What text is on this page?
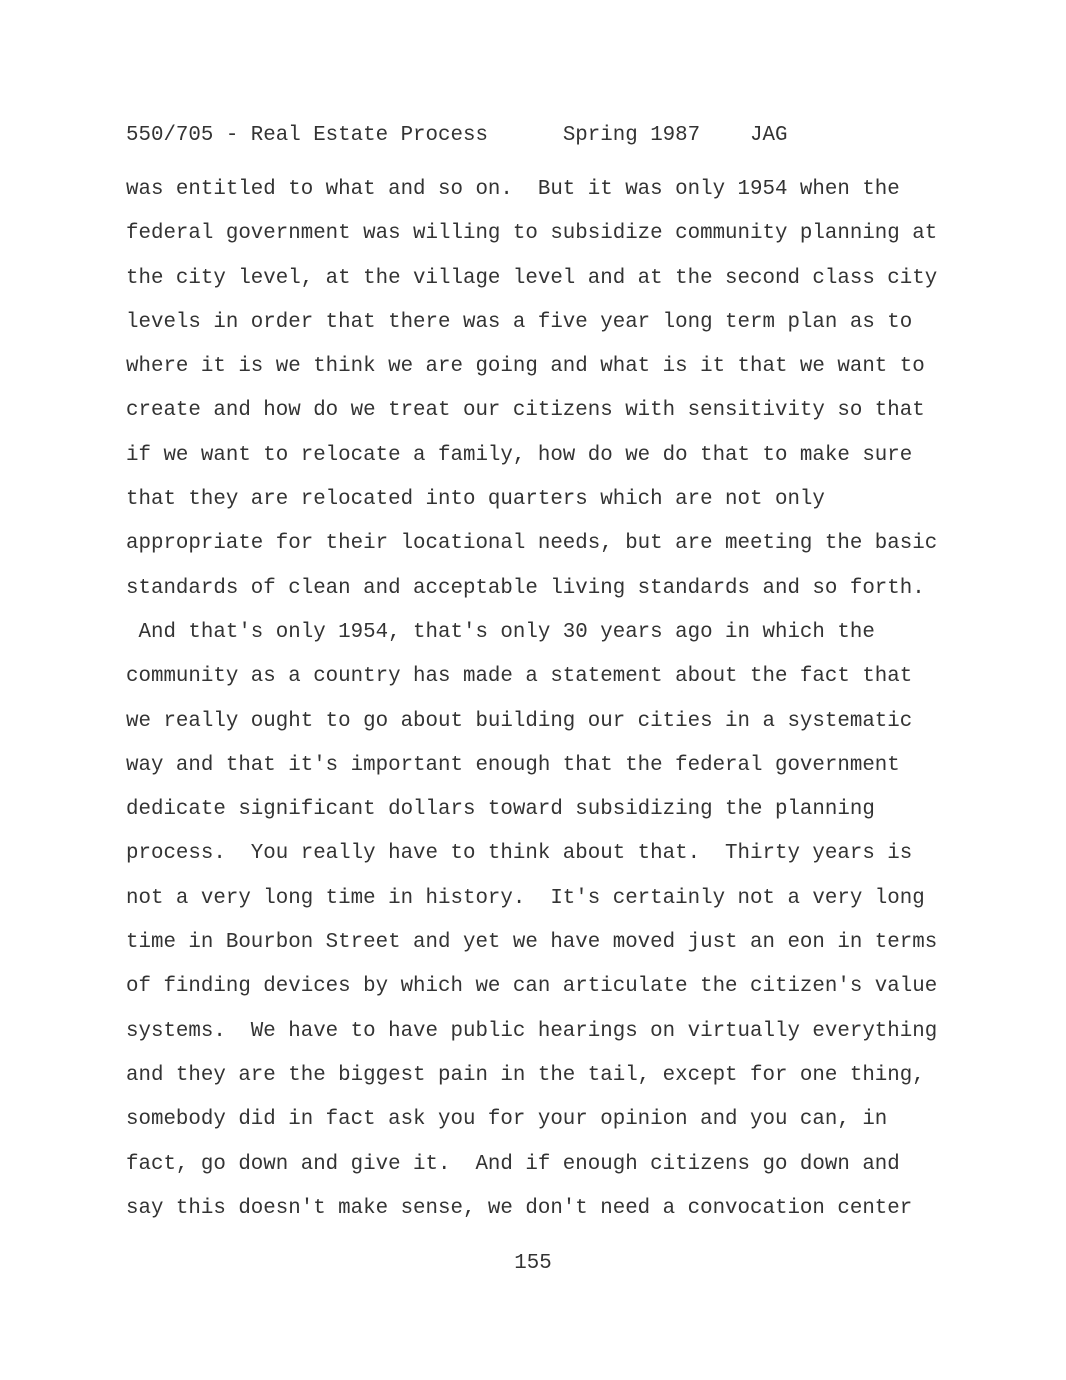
550/705 - Real Estate Process	Spring 1987 JAG
was entitled to what and so on.  But it was only 1954 when the
federal government was willing to subsidize community planning at
the city level, at the village level and at the second class city
levels in order that there was a five year long term plan as to
where it is we think we are going and what is it that we want to
create and how do we treat our citizens with sensitivity so that
if we want to relocate a family, how do we do that to make sure
that they are relocated into quarters which are not only
appropriate for their locational needs, but are meeting the basic
standards of clean and acceptable living standards and so forth.
And that's only 1954, that's only 30 years ago in which the
community as a country has made a statement about the fact that
we really ought to go about building our cities in a systematic
way and that it's important enough that the federal government
dedicate significant dollars toward subsidizing the planning
process.  You really have to think about that.  Thirty years is
not a very long time in history.  It's certainly not a very long
time in Bourbon Street and yet we have moved just an eon in terms
of finding devices by which we can articulate the citizen's value
systems.  We have to have public hearings on virtually everything
and they are the biggest pain in the tail, except for one thing,
somebody did in fact ask you for your opinion and you can, in
fact, go down and give it.  And if enough citizens go down and
say this doesn't make sense, we don't need a convocation center
155
